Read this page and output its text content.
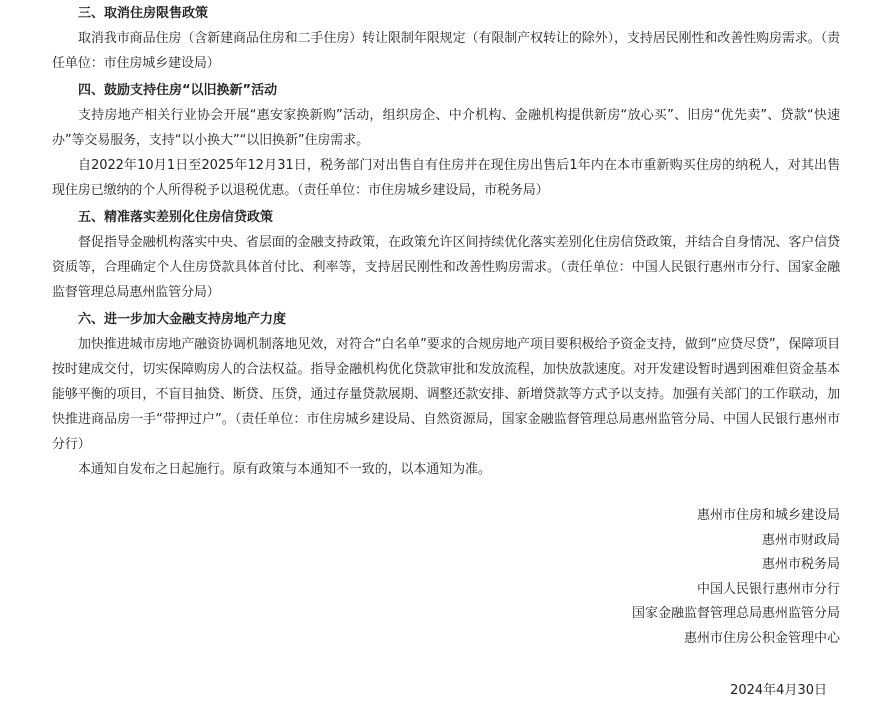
三、取消住房限售政策
取消我市商品住房（含新建商品住房和二手住房）转让限制年限规定（有限制产权转让的除外），支持居民刚性和改善性购房需求。（责任单位：市住房城乡建设局）
四、鼓励支持住房“以旧换新”活动
支持房地产相关行业协会开展“惠安家换新购”活动，组织房企、中介机构、金融机构提供新房“放心买”、旧房“优先卖”、贷款“快速办”等交易服务，支持“以小换大”“以旧换新”住房需求。
自2022年10月1日至2025年12月31日，税务部门对出售自有住房并在现住房出售后1年内在本市重新购买住房的纳税人，对其出售现住房已缴纳的个人所得税予以退税优惠。（责任单位：市住房城乡建设局，市税务局）
五、精准落实差别化住房信贷政策
督促指导金融机构落实中央、省层面的金融支持政策，在政策允许区间持续优化落实差别化住房信贷政策，并结合自身情况、客户信贷资质等，合理确定个人住房贷款具体首付比、利率等，支持居民刚性和改善性购房需求。（责任单位：中国人民银行惠州市分行、国家金融监督管理总局惠州监管分局）
六、进一步加大金融支持房地产力度
加快推进城市房地产融资协调机制落地见效，对符合“白名单”要求的合规房地产项目要积极给予资金支持，做到“应贷尽贷”，保障项目按时建成交付，切实保障购房人的合法权益。指导金融机构优化贷款审批和发放流程，加快放款速度。对开发建设暂时遇到困难但资金基本能够平衡的项目，不盲目抽贷、断贷、压贷，通过存量贷款展期、调整还款安排、新增贷款等方式予以支持。加强有关部门的工作联动，加快推进商品房一手“带押过户”。（责任单位：市住房城乡建设局、自然资源局，国家金融监督管理总局惠州监管分局、中国人民银行惠州市分行）
本通知自发布之日起施行。原有政策与本通知不一致的，以本通知为准。
惠州市住房和城乡建设局
惠州市财政局
惠州市税务局
中国人民银行惠州市分行
国家金融监督管理总局惠州监管分局
惠州市住房公积金管理中心
2024年4月30日
